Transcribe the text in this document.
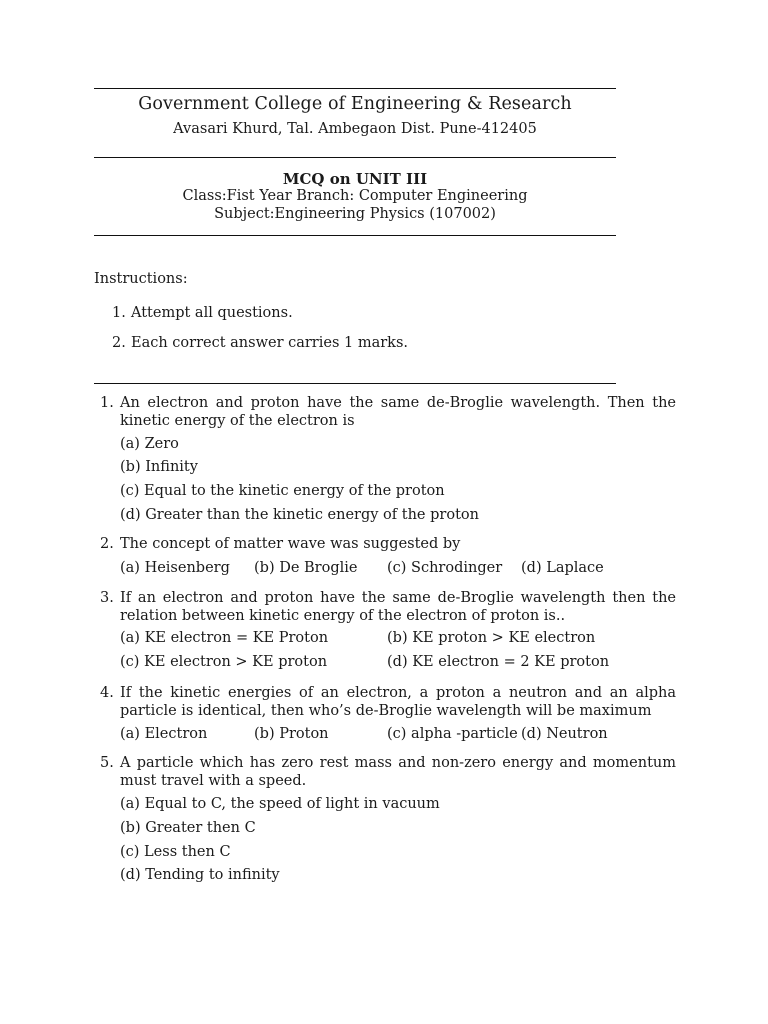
Government College of Engineering & Research
Avasari Khurd, Tal. Ambegaon Dist. Pune-412405
MCQ on UNIT III
Class:Fist Year Branch: Computer Engineering
Subject:Engineering Physics (107002)
Instructions:
1. Attempt all questions.
2. Each correct answer carries 1 marks.
1. An electron and proton have the same de-Broglie wavelength. Then the kinetic energy of the electron is
(a) Zero
(b) Infinity
(c) Equal to the kinetic energy of the proton
(d) Greater than the kinetic energy of the proton
2. The concept of matter wave was suggested by
(a) Heisenberg (b) De Broglie (c) Schrodinger (d) Laplace
3. If an electron and proton have the same de-Broglie wavelength then the relation between kinetic energy of the electron of proton is..
(a) KE electron = KE Proton	(b) KE proton > KE electron
(c) KE electron > KE proton	(d) KE electron = 2 KE proton
4. If the kinetic energies of an electron, a proton a neutron and an alpha particle is identical, then who’s de-Broglie wavelength will be maximum
(a) Electron	(b) Proton	(c) alpha -particle (d) Neutron
5. A particle which has zero rest mass and non-zero energy and momentum must travel with a speed.
(a) Equal to C, the speed of light in vacuum
(b) Greater then C
(c) Less then C
(d) Tending to infinity
